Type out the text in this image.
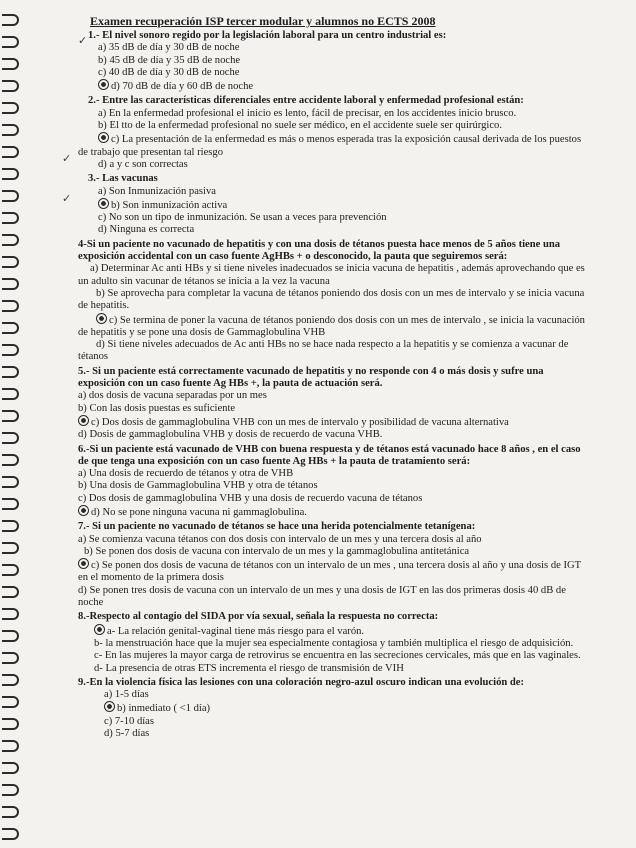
✓
✓
✓
Examen recuperación ISP tercer modular y alumnos no ECTS 2008
1.- El nivel sonoro regido por la legislación laboral para un centro industrial es:
a) 35 dB de día y 30 dB de noche
b) 45 dB de día y 35 dB de noche
c) 40 dB de día y 30 dB de noche
d) 70 dB de día y 60 dB de noche
2.- Entre las características diferenciales entre accidente laboral y enfermedad profesional están:
a) En la enfermedad profesional el inicio es lento, fácil de precisar, en los accidentes inicio brusco.
b) El tto de la enfermedad profesional no suele ser médico, en el accidente suele ser quirúrgico.
c) La presentación de la enfermedad es más o menos esperada tras la exposición causal derivada de los puestos de trabajo que presentan tal riesgo
d) a y c son correctas
3.- Las vacunas
a) Son Inmunización pasiva
b) Son inmunización activa
c) No son un tipo de inmunización. Se usan a veces para prevención
d) Ninguna es correcta
4-Si un paciente no vacunado de hepatitis y con una dosis de tétanos puesta hace menos de 5 años tiene una exposición accidental con un caso fuente AgHBs + o desconocido, la pauta que seguiremos será:
a) Determinar Ac anti HBs y si tiene niveles inadecuados se inicia vacuna de hepatitis , además aprovechando que es un adulto sin vacunar de tétanos se inicia a la vez la vacuna
b) Se aprovecha para completar la vacuna de tétanos poniendo dos dosis con un mes de intervalo y se inicia vacuna de hepatitis.
c) Se termina de poner la vacuna de tétanos poniendo dos dosis con un mes de intervalo , se inicia la vacunación de hepatitis y se pone una dosis de Gammaglobulina VHB
d) Si tiene niveles adecuados de Ac anti HBs no se hace nada respecto a la hepatitis y se comienza a vacunar de tétanos
5.- Si un paciente está correctamente vacunado de hepatitis y no responde con 4 o más dosis y sufre una exposición con un caso fuente Ag HBs +, la pauta de actuación será.
a) dos dosis de vacuna separadas por un mes
b) Con las dosis puestas es suficiente
c) Dos dosis de gammaglobulina VHB con un mes de intervalo y posibilidad de vacuna alternativa
d) Dosis de gammaglobulina VHB y dosis de recuerdo de vacuna VHB.
6.-Si un paciente está vacunado de VHB con buena respuesta y de tétanos está vacunado hace 8 años , en el caso de que tenga una exposición con un caso fuente Ag HBs + la pauta de tratamiento será:
a) Una dosis de recuerdo de tétanos y otra de VHB
b) Una dosis de Gammaglobulina VHB y otra de tétanos
c) Dos dosis de gammaglobulina VHB y una dosis de recuerdo vacuna de tétanos
d) No se pone ninguna vacuna ni gammaglobulina.
7.- Si un paciente no vacunado de tétanos se hace una herida potencialmente tetanígena:
a) Se comienza vacuna tétanos con dos dosis con intervalo de un mes y una tercera dosis al año
b) Se ponen dos dosis de vacuna con intervalo de un mes y la gammaglobulina antitetánica
c) Se ponen dos dosis de vacuna de tétanos con un intervalo de un mes , una tercera dosis al año y una dosis de IGT en el momento de la primera dosis
d) Se ponen tres dosis de vacuna con un intervalo de un mes y una dosis de IGT en las dos primeras dosis 40 dB de noche
8.-Respecto al contagio del SIDA por vía sexual, señala la respuesta no correcta:
a- La relación genital-vaginal tiene más riesgo para el varón.
b- la menstruación hace que la mujer sea especialmente contagiosa y también multiplica el riesgo de adquisición.
c- En las mujeres la mayor carga de retrovirus se encuentra en las secreciones cervicales, más que en las vaginales.
d- La presencia de otras ETS incrementa el riesgo de transmisión de VIH
9.-En la violencia física las lesiones con una coloración negro-azul oscuro indican una evolución de:
a) 1-5 días
b) inmediato ( <1 día)
c) 7-10 días
d) 5-7 días
